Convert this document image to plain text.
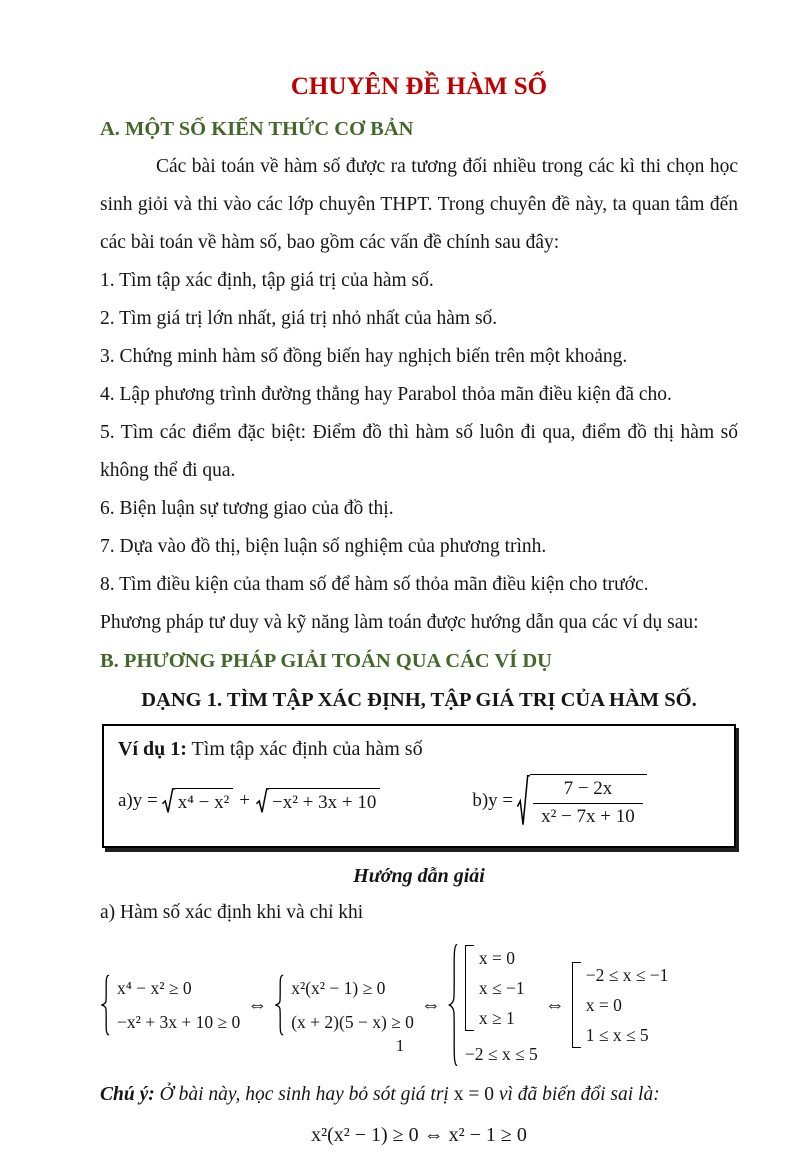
CHUYÊN ĐỀ HÀM SỐ
A. MỘT SỐ KIẾN THỨC CƠ BẢN

Các bài toán về hàm số được ra tương đối nhiều trong các kì thi chọn học sinh giỏi và thi vào các lớp chuyên THPT. Trong chuyên đề này, ta quan tâm đến các bài toán về hàm số, bao gồm các vấn đề chính sau đây:

1. Tìm tập xác định, tập giá trị của hàm số.
2. Tìm giá trị lớn nhất, giá trị nhỏ nhất của hàm số.
3. Chứng minh hàm số đồng biến hay nghịch biến trên một khoảng.
4. Lập phương trình đường thẳng hay Parabol thỏa mãn điều kiện đã cho.
5. Tìm các điểm đặc biệt: Điểm đồ thì hàm số luôn đi qua, điểm đồ thị hàm số không thể đi qua.
6. Biện luận sự tương giao của đồ thị.
7. Dựa vào đồ thị, biện luận số nghiệm của phương trình.
8. Tìm điều kiện của tham số để hàm số thỏa mãn điều kiện cho trước.
Phương pháp tư duy và kỹ năng làm toán được hướng dẫn qua các ví dụ sau:
B. PHƯƠNG PHÁP GIẢI TOÁN QUA CÁC VÍ DỤ
DẠNG 1. TÌM TẬP XÁC ĐỊNH, TẬP GIÁ TRỊ CỦA HÀM SỐ.
Ví dụ 1: Tìm tập xác định của hàm số
a)y = x⁴ − x² + −x² + 3x + 10	$b)y = \frac{7 - 2x}{\text{x² − 7x + 10}}$
Hướng dẫn giải
a) Hàm số xác định khi và chỉ khi
x⁴ − x² ≥ 0
−x² + 3x + 10 ≥ 0
⇔
x²(x² − 1) ≥ 0
(x + 2)(5 − x) ≥ 0
⇔
x = 0
x ≤ −1
x ≥ 1
−2 ≤ x ≤ 5
⇔
−2 ≤ x ≤ −1
x = 0
1 ≤ x ≤ 5
Chú ý: Ở bài này, học sinh hay bỏ sót giá trị x = 0 vì đã biến đổi sai là:
x²(x² − 1) ≥ 0 ⇔ x² − 1 ≥ 0
1
